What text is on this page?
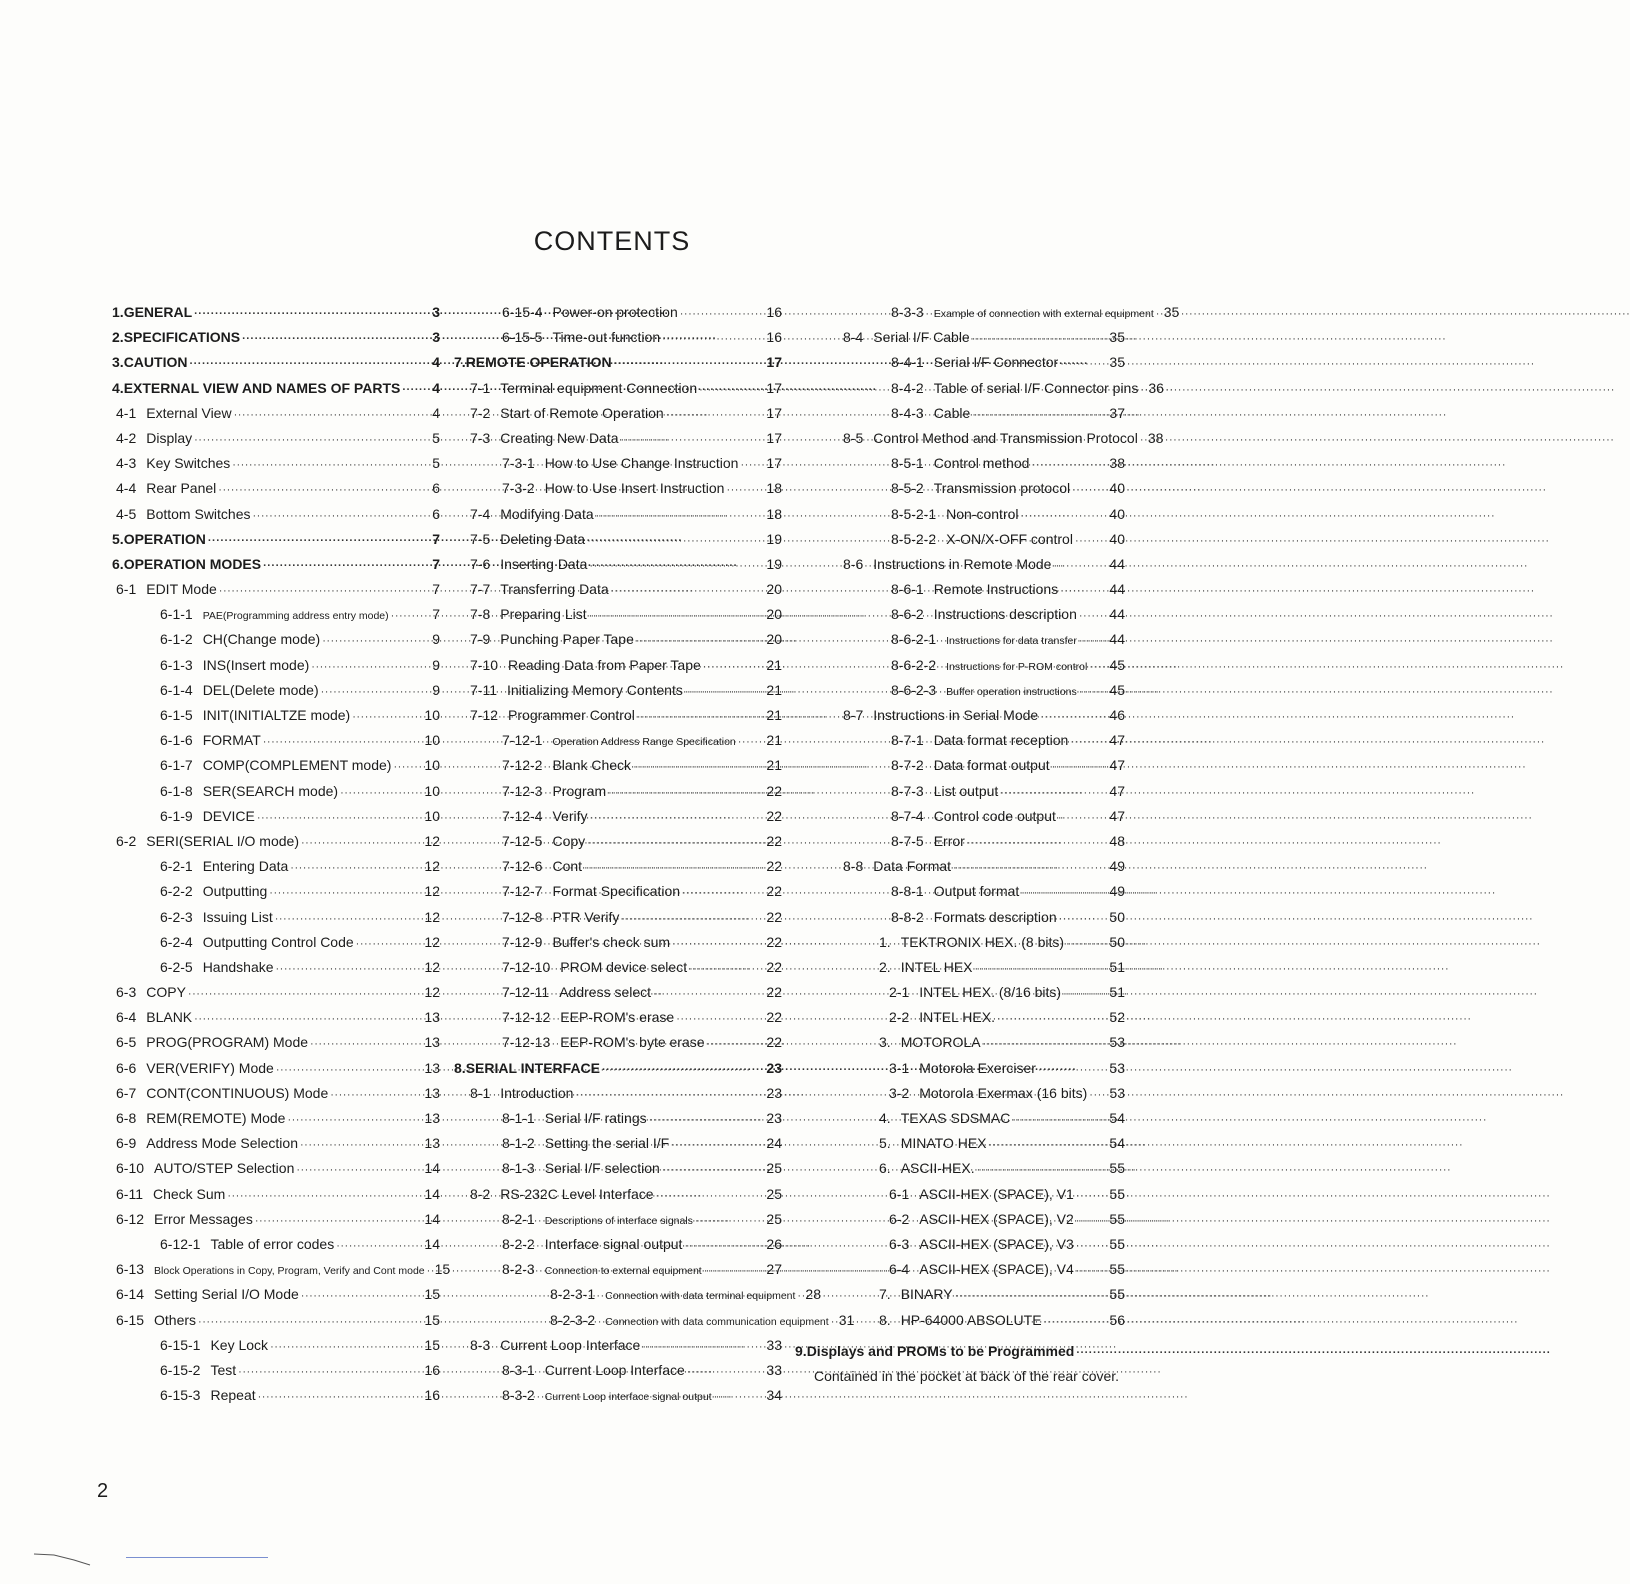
CONTENTS
1. GENERAL ·····	3
2. SPECIFICATIONS ·····	3
3. CAUTION ·····	4
4. EXTERNAL VIEW AND NAMES OF PARTS ····· 4
4-1 External View ·····	4
4-2 Display ·····	5
4-3 Key Switches ·····	5
4-4 Rear Panel ·····	6
4-5 Bottom Switches ·····	6
5. OPERATION ·····	7
6. OPERATION MODES ·····	7
6-1 EDIT Mode ·····	7
6-1-1 PAE(Programming address entry mode) ·····	7
6-1-2 CH(Change mode) ·····	9
6-1-3 INS(Insert mode) ·····	9
6-1-4 DEL(Delete mode) ·····	9
6-1-5 INIT(INITIALTZE mode) ·····	10
6-1-6 FORMAT ·····	10
6-1-7 COMP(COMPLEMENT mode) ····· 10
6-1-8 SER(SEARCH mode) ·····	10
6-1-9 DEVICE ·····	10
6-2 SERI(SERIAL I/O mode) ·····	12
6-2-1 Entering Data ·····	12
6-2-2 Outputting ·····	12
6-2-3 Issuing List ·····	12
6-2-4 Outputting Control Code ·····	12
6-2-5 Handshake ·····	12
6-3 COPY ·····	12
6-4 BLANK ·····	13
6-5 PROG(PROGRAM) Mode ·····	13
6-6 VER(VERIFY) Mode ·····	13
6-7 CONT(CONTINUOUS) Mode ·····	13
6-8 REM(REMOTE) Mode ·····	13
6-9 Address Mode Selection ·····	13
6-10 AUTO/STEP Selection ·····	14
6-11 Check Sum ·····	14
6-12 Error Messages ·····	14
6-12-1 Table of error codes ·····	14
6-13 Block Operations in Copy, Program, Verify and Cont mode ····· 15
6-14 Setting Serial I/O Mode ·····	15
6-15 Others ·····	15
6-15-1 Key Lock ·····	15
6-15-2 Test ·····	16
6-15-3 Repeat ·····	16
6-15-4 Power-on protection ·····	16
6-15-5 Time-out function ·····	16
7. REMOTE OPERATION ·····	17
7-1 Terminal equipment Connection ·····	17
7-2 Start of Remote Operation ·····	17
7-3 Creating New Data ·····	17
7-3-1 How to Use Change Instruction ····· 17
7-3-2 How to Use Insert Instruction ·····	18
7-4 Modifying Data ·····	18
7-5 Deleting Data ·····	19
7-6 Inserting Data ·····	19
7-7 Transferring Data ·····	20
7-8 Preparing List ·····	20
7-9 Punching Paper Tape ·····	20
7-10 Reading Data from Paper Tape ·····	21
7-11 Initializing Memory Contents ·····	21
7-12 Programmer Control ·····	21
7-12-1 Operation Address Range Specification ····· 21
7-12-2 Blank Check ·····	21
7-12-3 Program ·····	22
7-12-4 Verify ·····	22
7-12-5 Copy ·····	22
7-12-6 Cont ·····	22
7-12-7 Format Specification ·····	22
7-12-8 PTR Verify ·····	22
7-12-9 Buffer's check sum ·····	22
7-12-10 PROM device select ·····	22
7-12-11 Address select ·····	22
7-12-12 EEP-ROM's erase ·····	22
7-12-13 EEP-ROM's byte erase ·····	22
8. SERIAL INTERFACE ·····	23
8-1 Introduction ·····	23
8-1-1 Serial I/F ratings ·····	23
8-1-2 Setting the serial I/F ·····	24
8-1-3 Serial I/F selection ·····	25
8-2 RS-232C Level Interface ·····	25
8-2-1 Descriptions of interface signals ·····	25
8-2-2 Interface signal output ·····	26
8-2-3 Connection to external equipment ·····	27
8-2-3-1 Connection with data terminal equipment ····· 28
8-2-3-2 Connection with data communication equipment ····· 31
8-3 Current Loop Interface ·····	33
8-3-1 Current Loop Interface ·····	33
8-3-2 Current Loop interface signal output ·····	34
8-3-3 Example of connection with external equipment ····· 35
8-4 Serial I/F Cable ·····	35
8-4-1 Serial I/F Connector ·····	35
8-4-2 Table of serial I/F Connector pins ····· 36
8-4-3 Cable ·····	37
8-5 Control Method and Transmission Protocol ····· 38
8-5-1 Control method ·····	38
8-5-2 Transmission protocol ·····	40
8-5-2-1 Non-control ·····	40
8-5-2-2 X-ON/X-OFF control ·····	40
8-6 Instructions in Remote Mode ·····	44
8-6-1 Remote Instructions ·····	44
8-6-2 Instructions description ····· 44
8-6-2-1 Instructions for data transfer ····· 44
8-6-2-2 Instructions for P-ROM control ····· 45
8-6-2-3 Buffer operation instructions ····· 45
8-7 Instructions in Serial Mode ·····	46
8-7-1 Data format reception ·····	47
8-7-2 Data format output ·····	47
8-7-3 List output ·····	47
8-7-4 Control code output ·····	47
8-7-5 Error ·····	48
8-8 Data Format ·····	49
8-8-1 Output format ·····	49
8-8-2 Formats description ·····	50
1. TEKTRONIX HEX. (8 bits) ·····	50
2. INTEL HEX ·····	51
2-1 INTEL HEX. (8/16 bits) ·····	51
2-2 INTEL HEX. ·····	52
3. MOTOROLA ·····	53
3-1 Motorola Exerciser ·····	53
3-2 Motorola Exermax (16 bits) ····· 53
4. TEXAS SDSMAC ·····	54
5. MINATO HEX ·····	54
6. ASCII-HEX. ·····	55
6-1 ASCII-HEX (SPACE), V1 ·····	55
6-2 ASCII-HEX (SPACE), V2 ·····	55
6-3 ASCII-HEX (SPACE), V3 ·····	55
6-4 ASCII-HEX (SPACE), V4 ·····	55
7. BINARY ·····	55
8. HP-64000 ABSOLUTE ·····	56
9. Displays and PROMs to be Programmed
·····
Contained in the pocket at back of the rear cover.
2
